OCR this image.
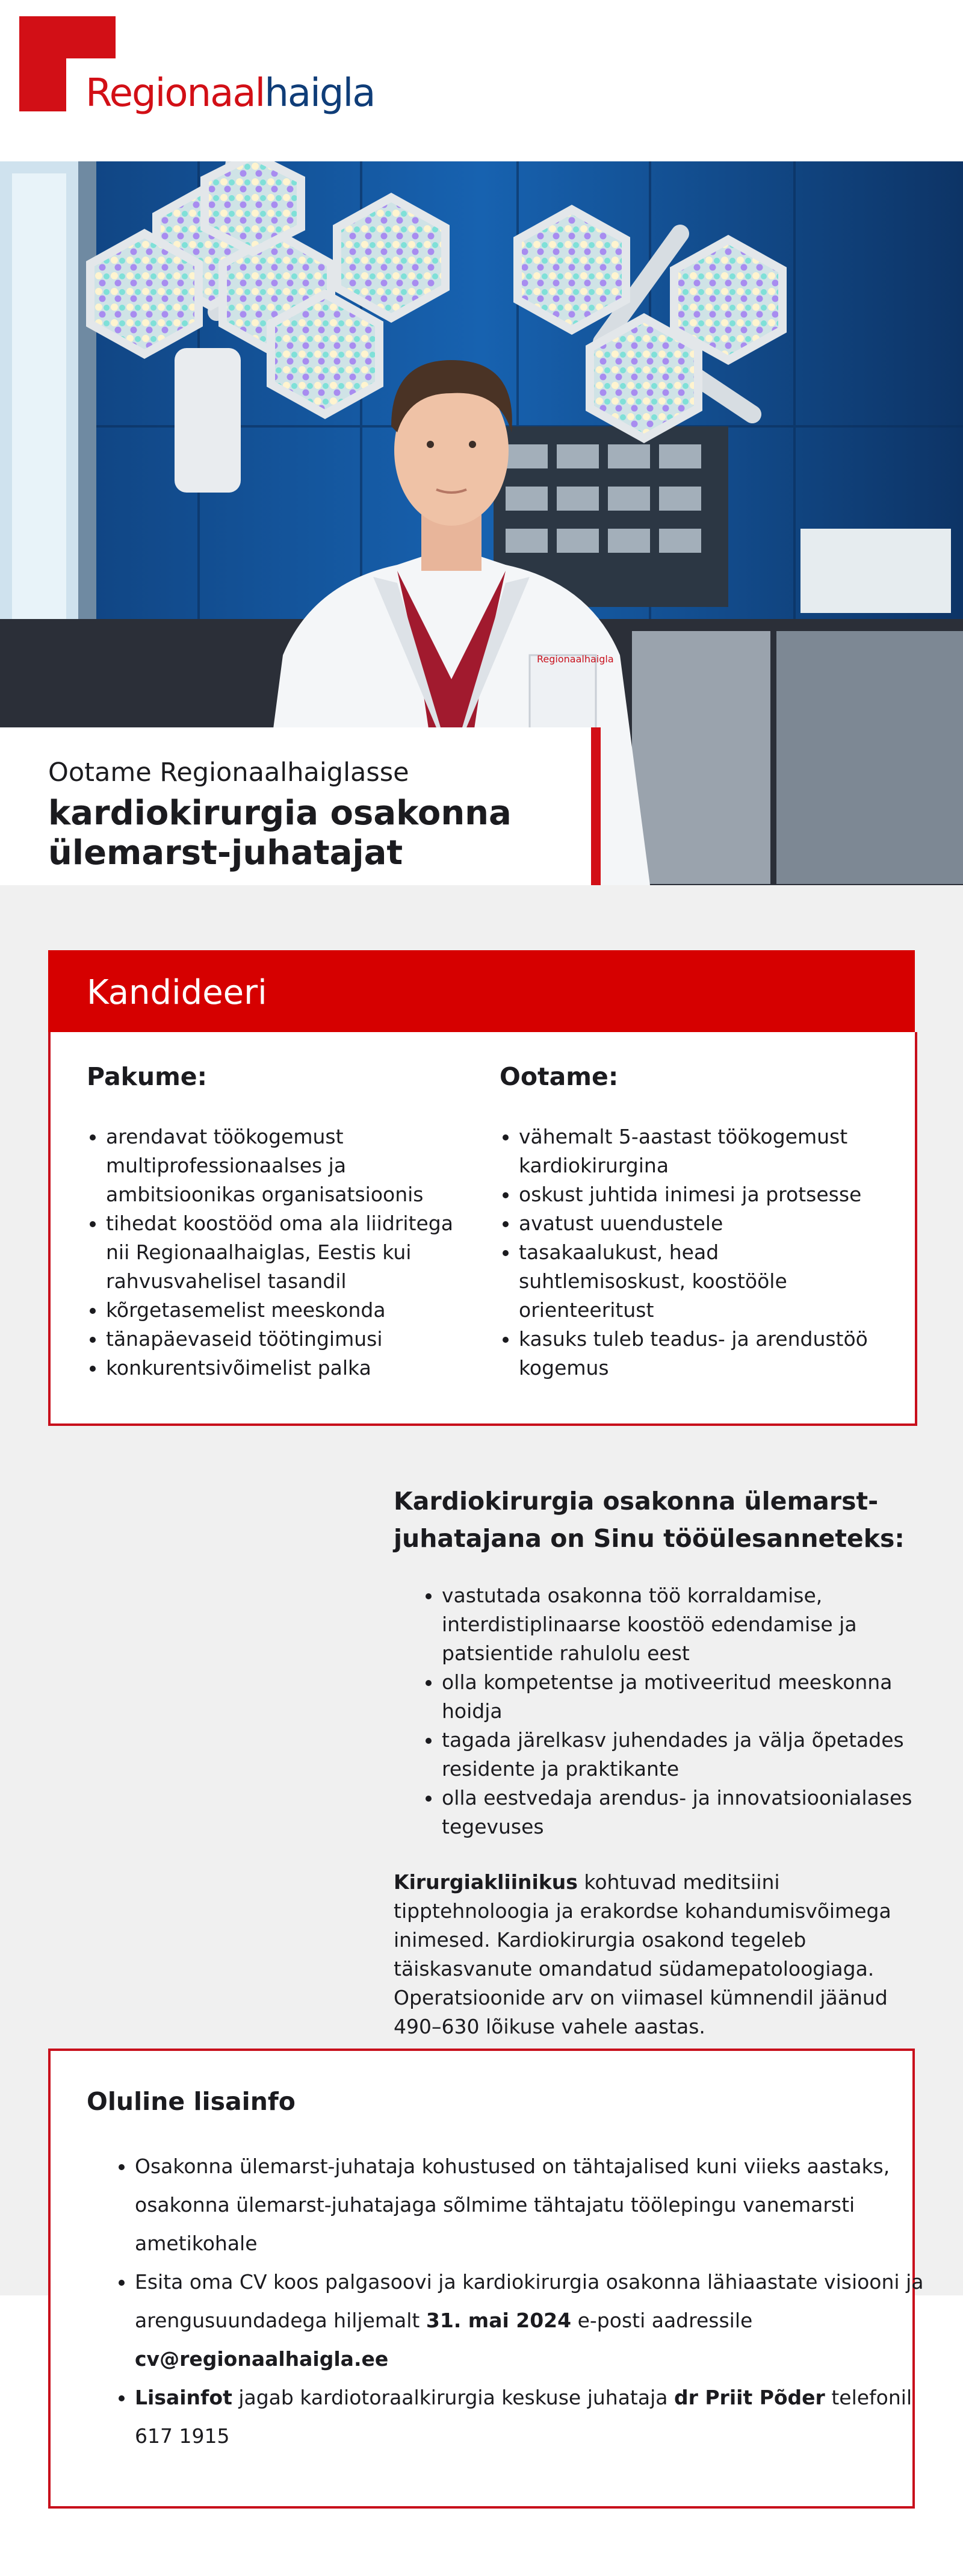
Regionaalhaigla
Regionaalhaigla
Ootame Regionaalhaiglasse
kardiokirurgia osakonna ülemarst-juhatajat
Kandideeri
Pakume:
• arendavat töökogemust multiprofessionaalses ja ambitsioonikas organisatsioonis
• tihedat koostööd oma ala liidritega nii Regionaalhaiglas, Eestis kui rahvusvahelisel tasandil
• kõrgetasemelist meeskonda
• tänapäevaseid töötingimusi
• konkurentsivõimelist palka
Ootame:
• vähemalt 5-aastast töökogemust kardiokirurgina
• oskust juhtida inimesi ja protsesse
• avatust uuendustele
• tasakaalukust, head suhtlemisoskust, koostööle orienteeritust
• kasuks tuleb teadus- ja arendustöö kogemus
Kardiokirurgia osakonna ülemarst-juhatajana on Sinu tööülesanneteks:
• vastutada osakonna töö korraldamise, interdistiplinaarse koostöö edendamise ja patsientide rahulolu eest
• olla kompetentse ja motiveeritud meeskonna hoidja
• tagada järelkasv juhendades ja välja õpetades residente ja praktikante
• olla eestvedaja arendus- ja innovatsioonialases tegevuses

Kirurgiakliinikus kohtuvad meditsiini tipptehnoloogia ja erakordse kohandumisvõimega inimesed. Kardiokirurgia osakond tegeleb täiskasvanute omandatud südamepatoloogiaga. Operatsioonide arv on viimasel kümnendil jäänud 490–630 lõikuse vahele aastas.

Oluline lisainfo
• Osakonna ülemarst-juhataja kohustused on tähtajalised kuni viieks aastaks, osakonna ülemarst-juhatajaga sõlmime tähtajatu töölepingu vanemarsti ametikohale
• Esita oma CV koos palgasoovi ja kardiokirurgia osakonna lähiaastate visiooni ja arengusuundadega hiljemalt 31. mai 2024 e-posti aadressile cv@regionaalhaigla.ee
• Lisainfot jagab kardiotoraalkirurgia keskuse juhataja dr Priit Põder telefonil 617 1915
